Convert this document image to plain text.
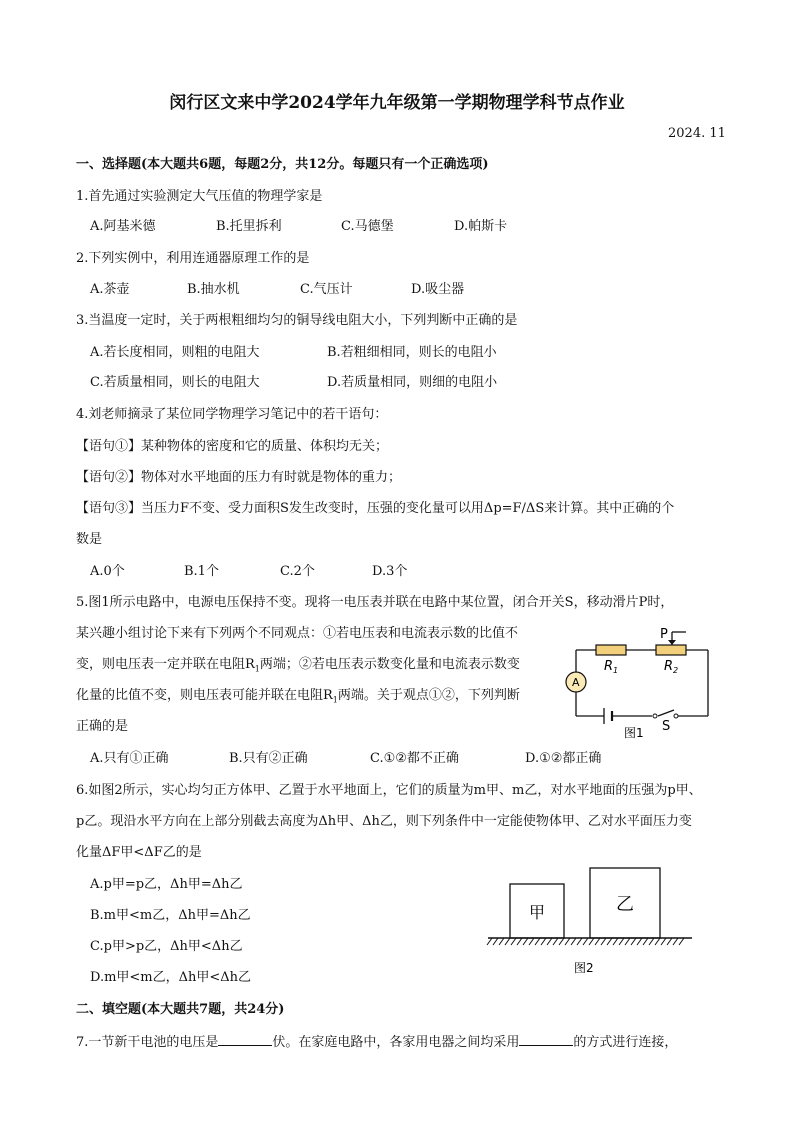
闵行区文来中学2024学年九年级第一学期物理学科节点作业
2024. 11
一、选择题(本大题共6题，每题2分，共12分。每题只有一个正确选项)
1.首先通过实验测定大气压值的物理学家是
A.阿基米德	B.托里拆利	C.马德堡	D.帕斯卡
2.下列实例中，利用连通器原理工作的是
A.茶壶	B.抽水机	C.气压计	D.吸尘器
3.当温度一定时，关于两根粗细均匀的铜导线电阻大小，下列判断中正确的是
A.若长度相同，则粗的电阻大	B.若粗细相同，则长的电阻小
C.若质量相同，则长的电阻大	D.若质量相同，则细的电阻小
4.刘老师摘录了某位同学物理学习笔记中的若干语句：
【语句①】某种物体的密度和它的质量、体积均无关；
【语句②】物体对水平地面的压力有时就是物体的重力；
【语句③】当压力F不变、受力面积S发生改变时，压强的变化量可以用Δp=F/ΔS来计算。其中正确的个
数是
A.0个	B.1个	C.2个	D.3个
5.图1所示电路中，电源电压保持不变。现将一电压表并联在电路中某位置，闭合开关S，移动滑片P时，
某兴趣小组讨论下来有下列两个不同观点：①若电压表和电流表示数的比值不
变，则电压表一定并联在电阻$R_1$两端；②若电压表示数变化量和电流表示数变
化量的比值不变，则电压表可能并联在电阻$R_1$两端。关于观点①②，下列判断
正确的是
P
$R_1$	$R_2$
A
S
图1
A.只有①正确	B.只有②正确	C.①②都不正确	D.①②都正确
6.如图2所示，实心均匀正方体甲、乙置于水平地面上，它们的质量为m甲、m乙，对水平地面的压强为p甲、
p乙。现沿水平方向在上部分别截去高度为Δh甲、Δh乙，则下列条件中一定能使物体甲、乙对水平面压力变
化量ΔF甲<ΔF乙的是
A.p甲=p乙，Δh甲=Δh乙
B.m甲<m乙，Δh甲=Δh乙
C.p甲>p乙，Δh甲<Δh乙
D.m甲<m乙，Δh甲<Δh乙
甲	乙
图2
二、填空题(本大题共7题，共24分)
7.一节新干电池的电压是	伏。在家庭电路中，各家用电器之间均采用	的方式进行连接，
